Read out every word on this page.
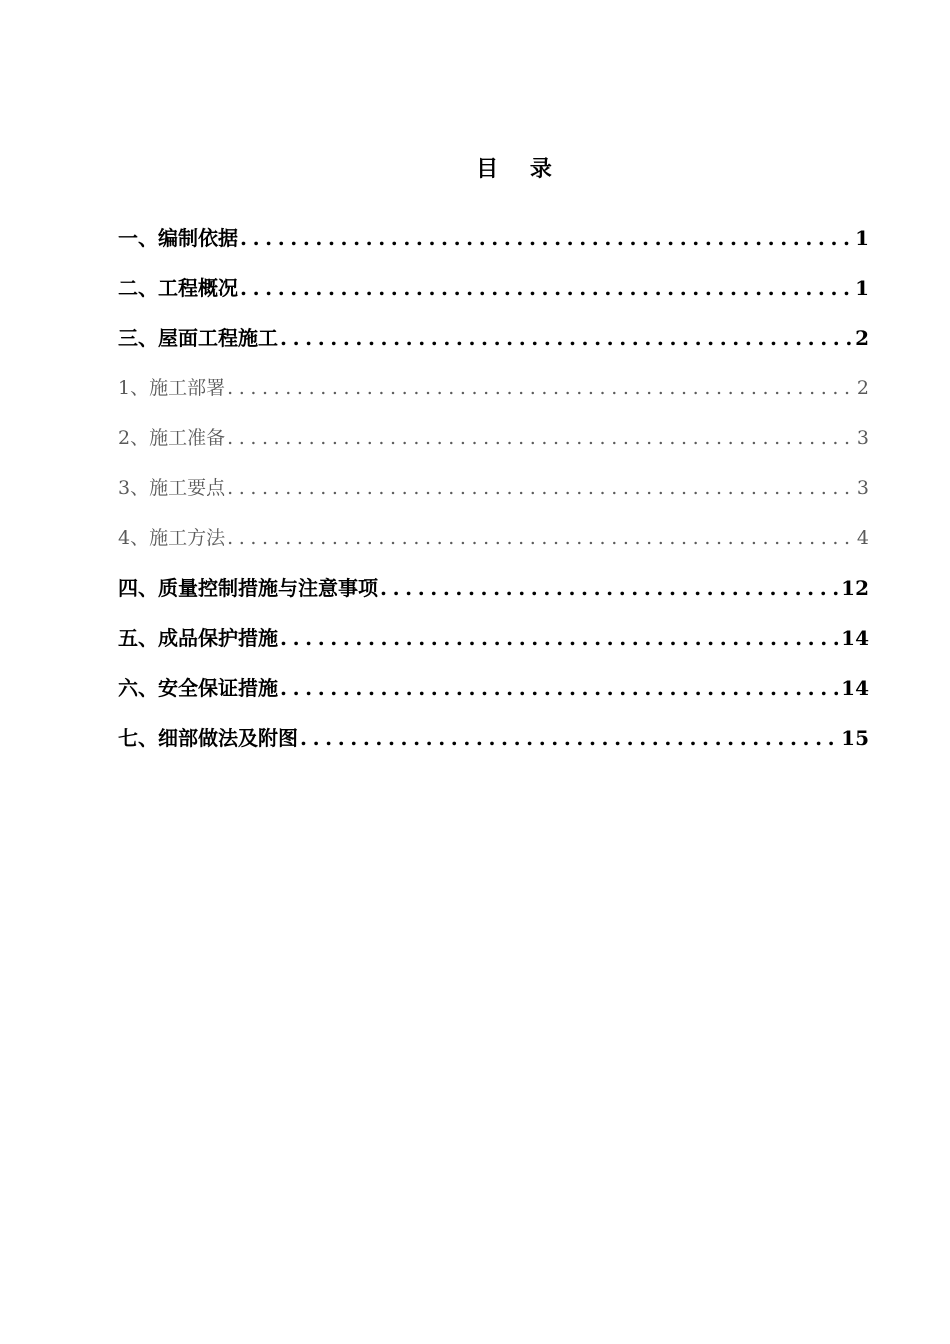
目 录
一、编制依据 .....	1
二、工程概况 .....	1
三、屋面工程施工 .....	2
1、施工部署 .....	2
2、施工准备 .....	3
3、施工要点 .....	3
4、施工方法 .....	4
四、质量控制措施与注意事项 .....	12
五、成品保护措施 .....	14
六、安全保证措施 .....	14
七、细部做法及附图 .....	15
